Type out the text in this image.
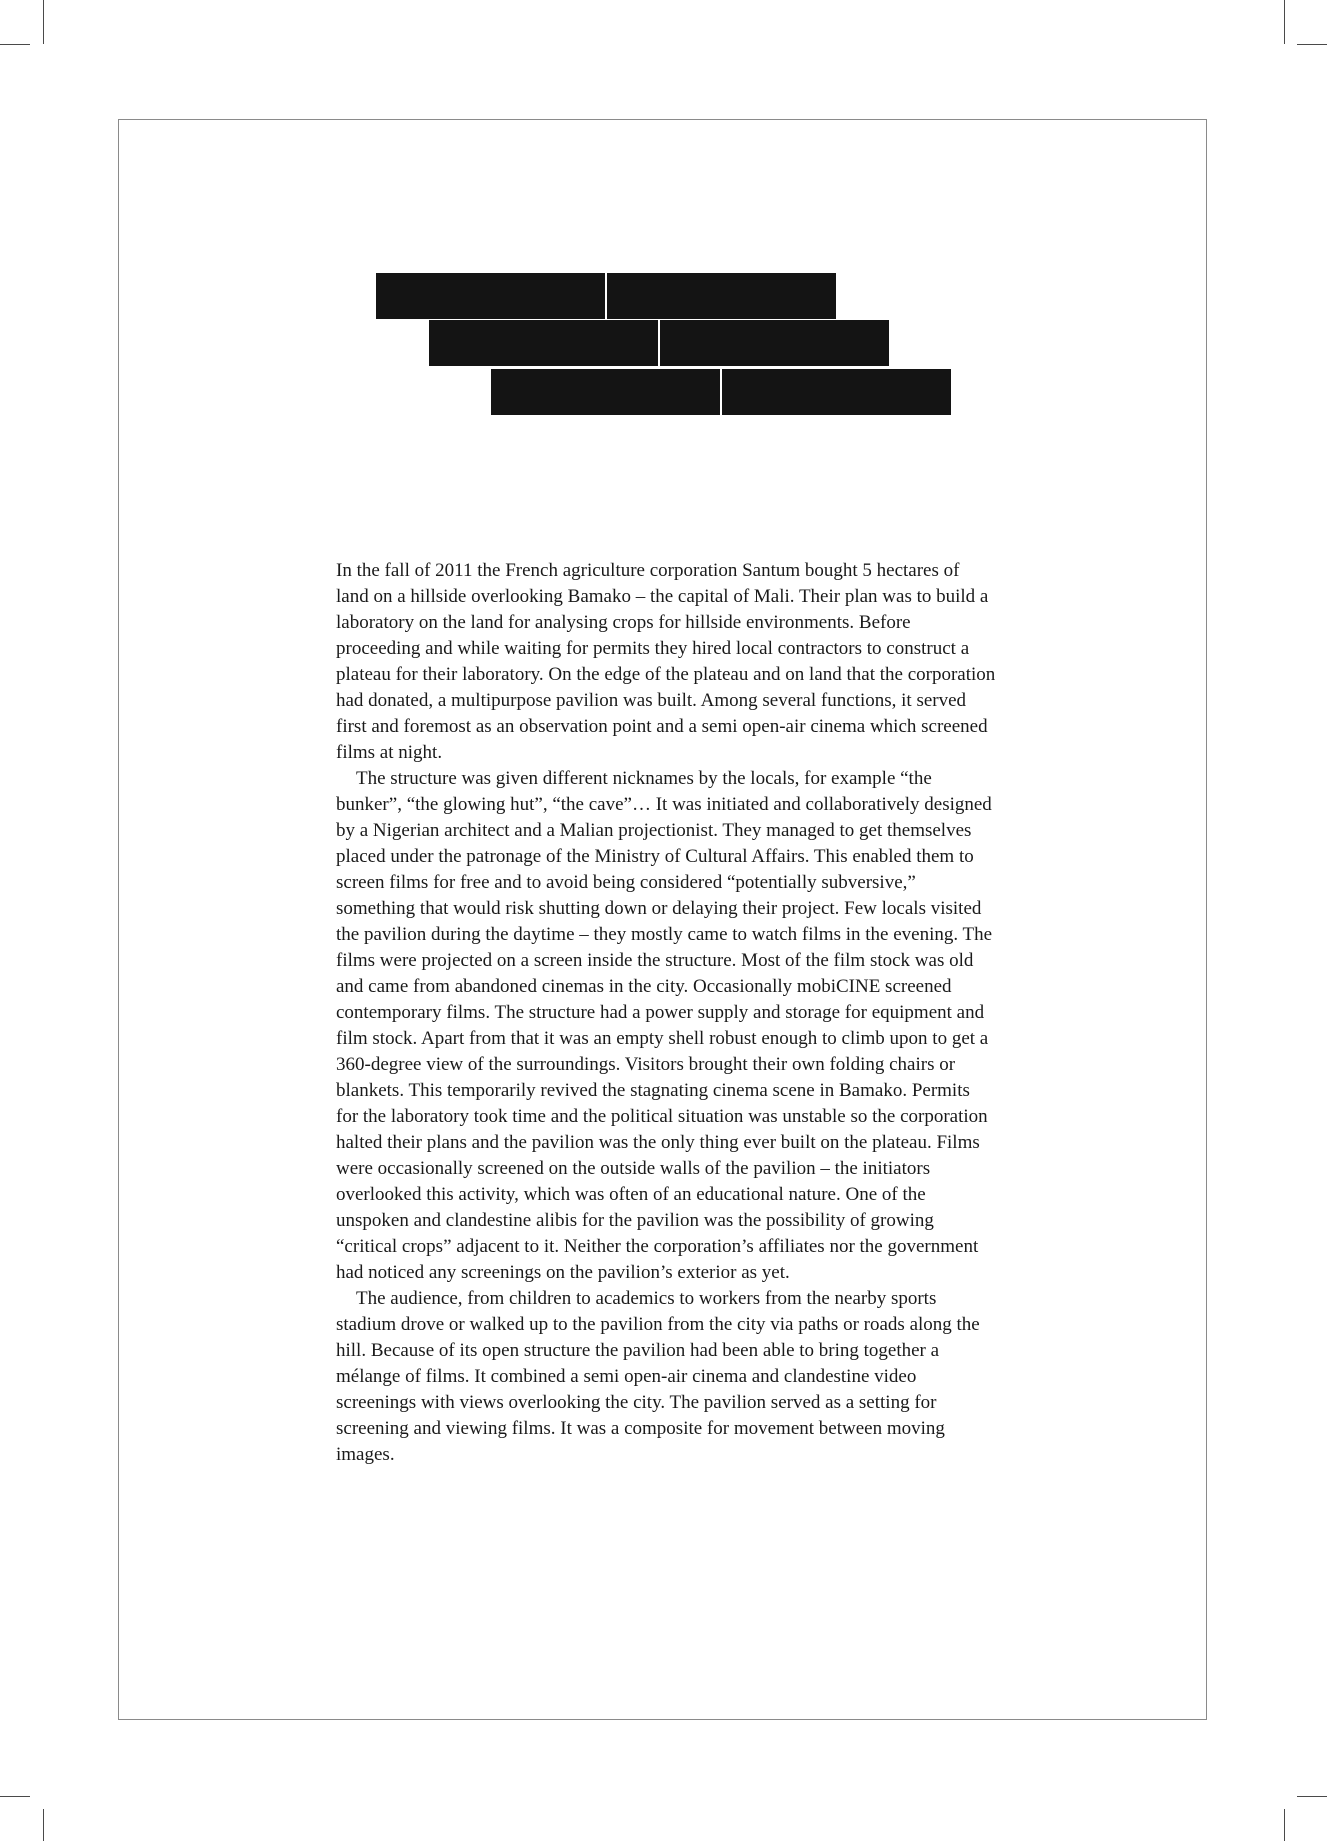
In the fall of 2011 the French agriculture corporation Santum bought 5 hectares of land on a hillside overlooking Bamako – the capital of Mali. Their plan was to build a laboratory on the land for analysing crops for hillside environments. Before proceeding and while waiting for permits they hired local contractors to construct a plateau for their laboratory. On the edge of the plateau and on land that the corporation had donated, a multipurpose pavilion was built. Among several functions, it served first and foremost as an observation point and a semi open-air cinema which screened films at night.

The structure was given different nicknames by the locals, for example “the bunker”, “the glowing hut”, “the cave”… It was initiated and collaboratively designed by a Nigerian architect and a Malian projectionist. They managed to get themselves placed under the patronage of the Ministry of Cultural Affairs. This enabled them to screen films for free and to avoid being considered “potentially subversive,” something that would risk shutting down or delaying their project. Few locals visited the pavilion during the daytime – they mostly came to watch films in the evening. The films were projected on a screen inside the structure. Most of the film stock was old and came from abandoned cinemas in the city. Occasionally mobiCINE screened contemporary films. The structure had a power supply and storage for equipment and film stock. Apart from that it was an empty shell robust enough to climb upon to get a 360-degree view of the surroundings. Visitors brought their own folding chairs or blankets. This temporarily revived the stagnating cinema scene in Bamako. Permits for the laboratory took time and the political situation was unstable so the corporation halted their plans and the pavilion was the only thing ever built on the plateau. Films were occasionally screened on the outside walls of the pavilion – the initiators overlooked this activity, which was often of an educational nature. One of the unspoken and clandestine alibis for the pavilion was the possibility of growing “critical crops” adjacent to it. Neither the corporation’s affiliates nor the government had noticed any screenings on the pavilion’s exterior as yet.

The audience, from children to academics to workers from the nearby sports stadium drove or walked up to the pavilion from the city via paths or roads along the hill. Because of its open structure the pavilion had been able to bring together a mélange of films. It combined a semi open-air cinema and clandestine video screenings with views overlooking the city. The pavilion served as a setting for screening and viewing films. It was a composite for movement between moving images.
